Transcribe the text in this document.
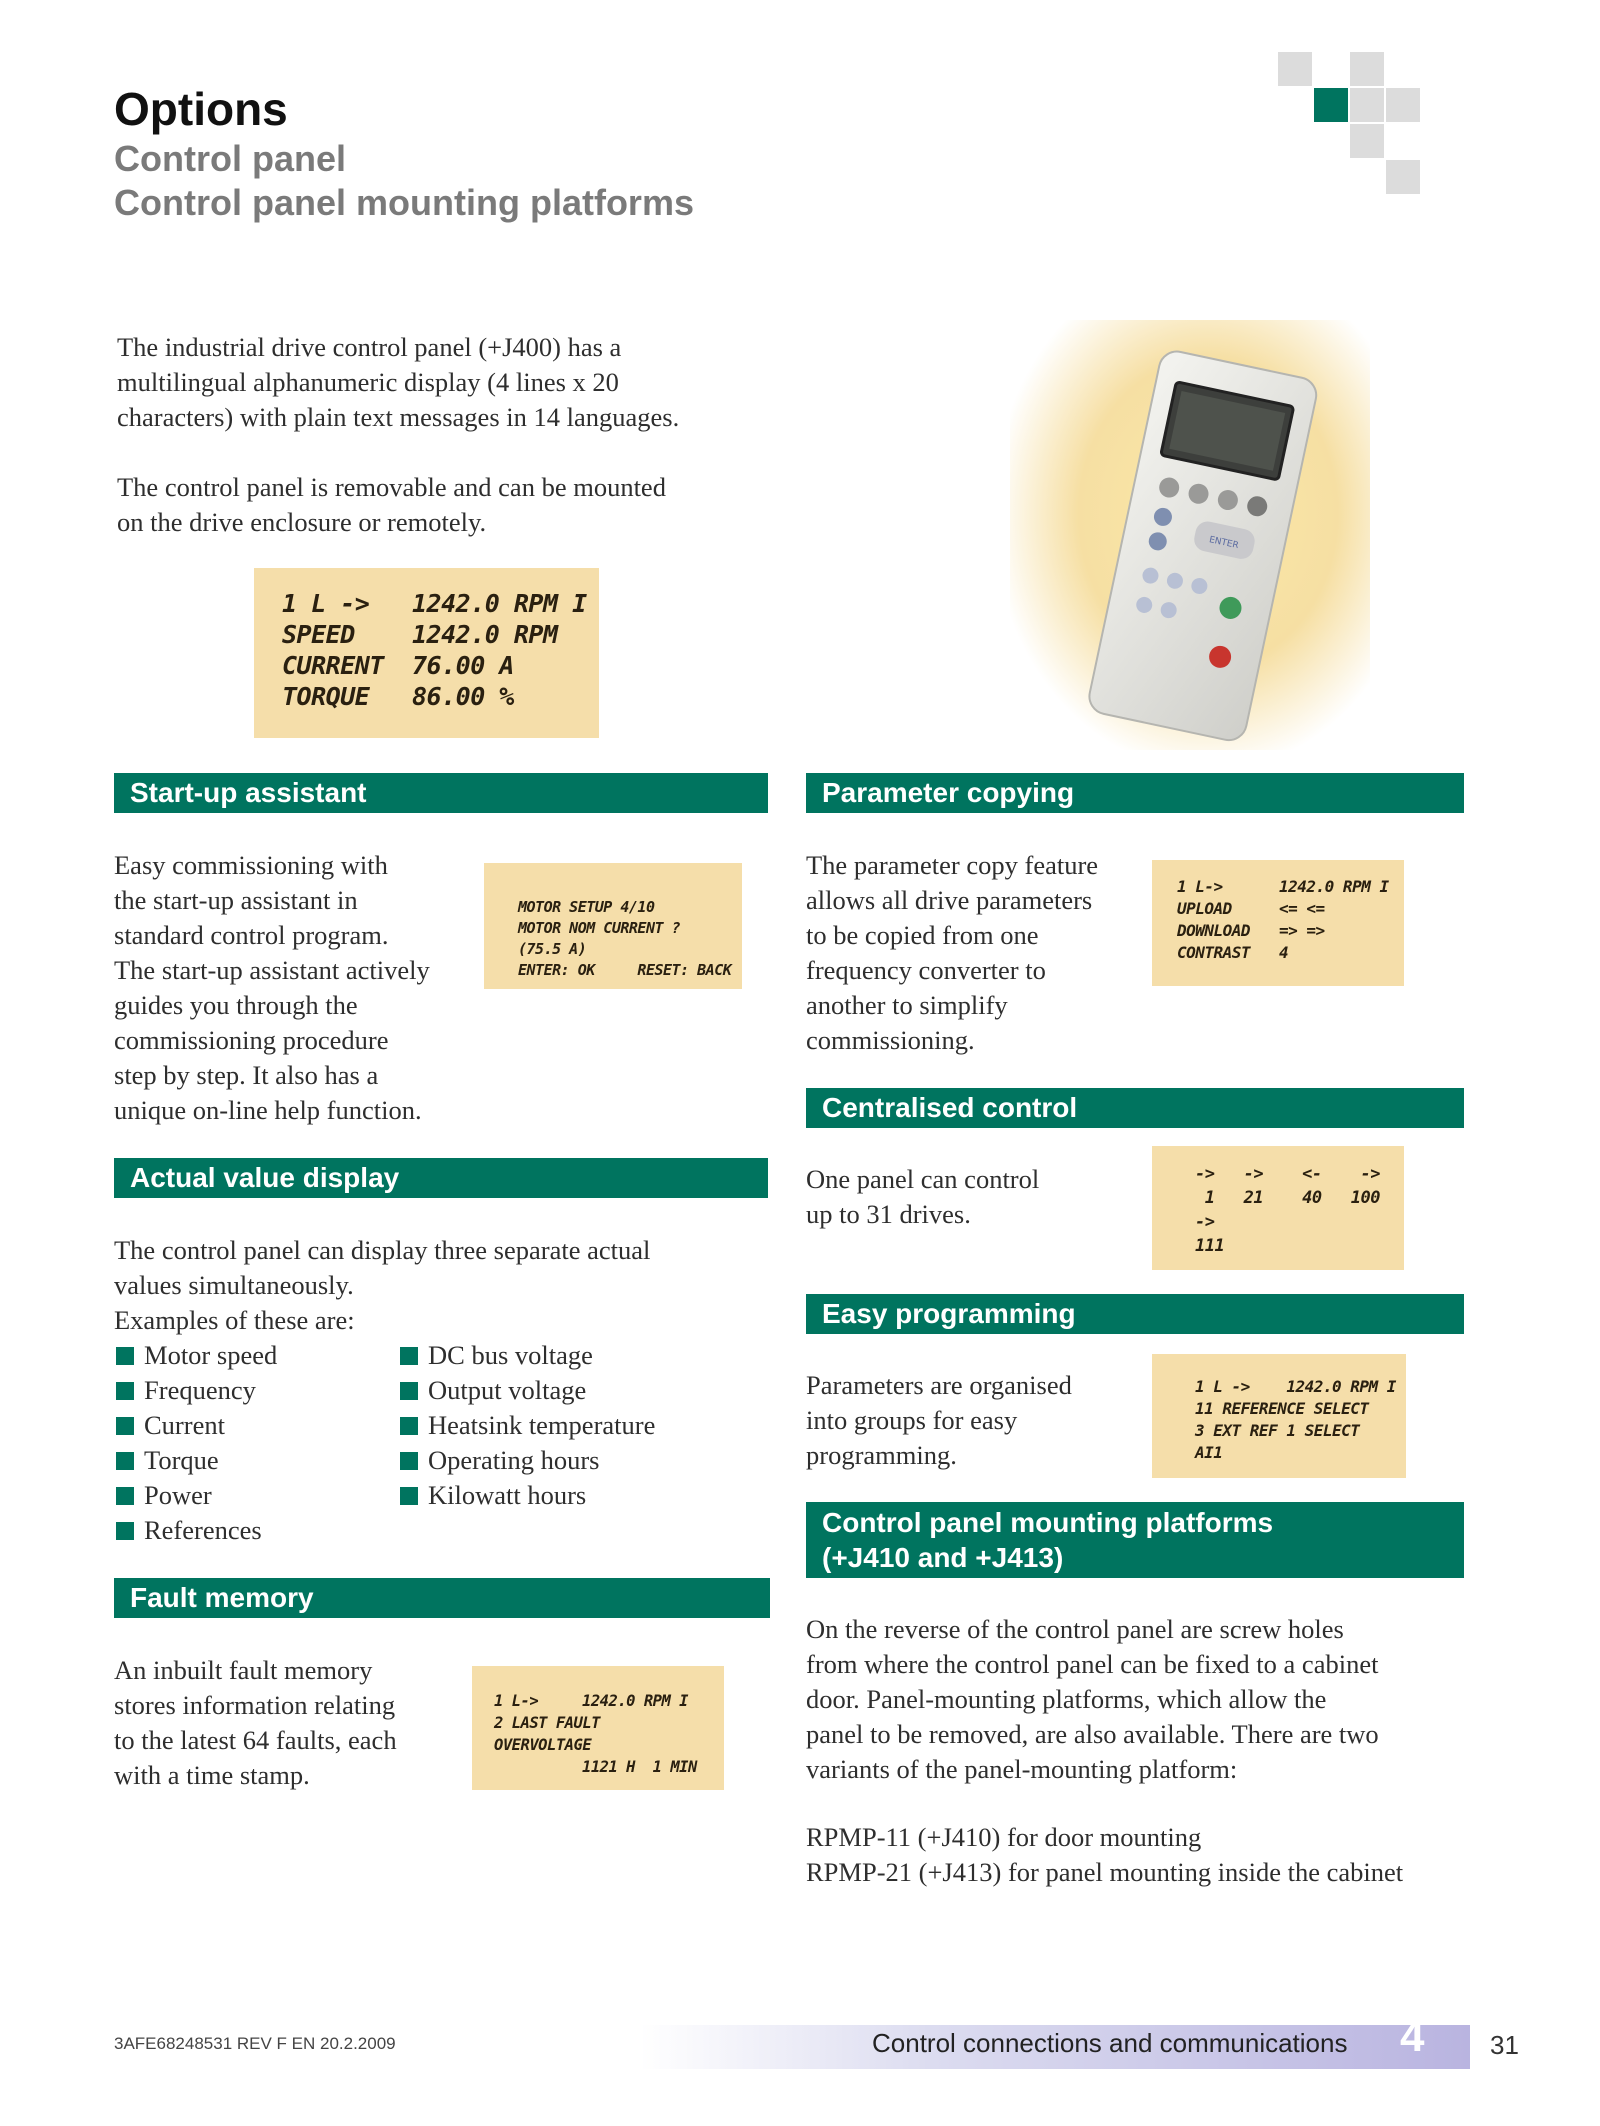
Options
Control panel
Control panel mounting platforms
The industrial drive control panel (+J400) has a
multilingual alphanumeric display (4 lines x 20
characters) with plain text messages in 14 languages.
The control panel is removable and can be mounted
on the drive enclosure or remotely.
1 L ->	1242.0 RPM I
SPEED	1242.0 RPM
CURRENT	76.00 A
TORQUE	86.00 %
ENTER
Start-up assistant
Easy commissioning with
the start-up assistant in
standard control program.
The start-up assistant actively
guides you through the
commissioning procedure
step by step. It also has a
unique on-line help function.
MOTOR SETUP 4/10
MOTOR NOM CURRENT ?
(75.5 A)
ENTER: OK     RESET: BACK
Actual value display
The control panel can display three separate actual
values simultaneously.
Examples of these are:
Motor speed
Frequency
Current
Torque
Power
References
DC bus voltage
Output voltage
Heatsink temperature
Operating hours
Kilowatt hours
Fault memory
An inbuilt fault memory
stores information relating
to the latest 64 faults, each
with a time stamp.
1 L->	1242.0 RPM I
2 LAST FAULT
OVERVOLTAGE
1121 H  1 MIN
Parameter copying
The parameter copy feature
allows all drive parameters
to be copied from one
frequency converter to
another to simplify
commissioning.
1 L->	1242.0 RPM I
UPLOAD	<= <=
DOWNLOAD	=> =>
CONTRAST	4
Centralised control
One panel can control
up to 31 drives.
->   ->    <-    ->
1   21    40   100
->
111
Easy programming
Parameters are organised
into groups for easy
programming.
1 L ->    1242.0 RPM I
11 REFERENCE SELECT
3 EXT REF 1 SELECT
AI1
Control panel mounting platforms
(+J410 and +J413)
On the reverse of the control panel are screw holes
from where the control panel can be fixed to a cabinet
door. Panel-mounting platforms, which allow the
panel to be removed, are also available. There are two
variants of the panel-mounting platform:
RPMP-11 (+J410) for door mounting
RPMP-21 (+J413) for panel mounting inside the cabinet
3AFE68248531 REV F EN 20.2.2009	Control connections and communications 4	31
